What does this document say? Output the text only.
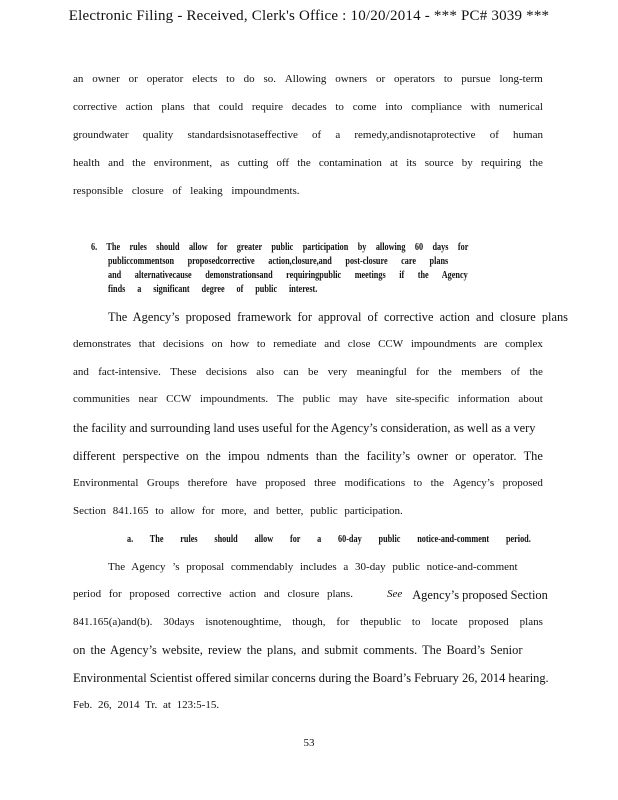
Electronic Filing - Received, Clerk's Office : 10/20/2014 - *** PC# 3039 ***
an owner or operator elects to do so. Allowing owners or operators to pursue long-term
corrective action plans that could require decades to come into compliance with numerical
groundwater quality standardsisnotaseffective of a remedy,andisnotaprotective of human
health and the environment, as cutting off the contamination at its source by requiring the
responsible closure of leaking impoundments.
6. The rules should allow for greater public participation by allowing 60 days for
publiccommentson proposedcorrective action,closure,and post-closure care plans
and alternativecause demonstrationsand requiringpublic meetings if the Agency
finds a significant degree of public interest.
The Agency’s proposed framework for approval of corrective action and closure plans
demonstrates that decisions on how to remediate and close CCW impoundments are complex
and fact-intensive. These decisions also can be very meaningful for the members of the
communities near CCW impoundments. The public may have site-specific information about
the facility and surrounding land uses useful for the Agency’s consideration, as well as a very
different perspective on the impou ndments than the facility’s owner or operator. The
Environmental Groups therefore have proposed three modifications to the Agency’s proposed
Section 841.165 to allow for more, and better, public participation.
a. The rules should allow for a 60-day public notice-and-comment period.
The Agency ’s proposal commendably includes a 30-day public notice-and-comment
period for proposed corrective action and closure plans.	See Agency’s proposed Section
841.165(a)and(b). 30days isnotenoughtime, though, for thepublic to locate proposed plans
on the Agency’s website, review the plans, and submit comments. The Board’s Senior
Environmental Scientist offered similar concerns during the Board’s February 26, 2014 hearing.
Feb. 26, 2014 Tr. at 123:5-15.
53
